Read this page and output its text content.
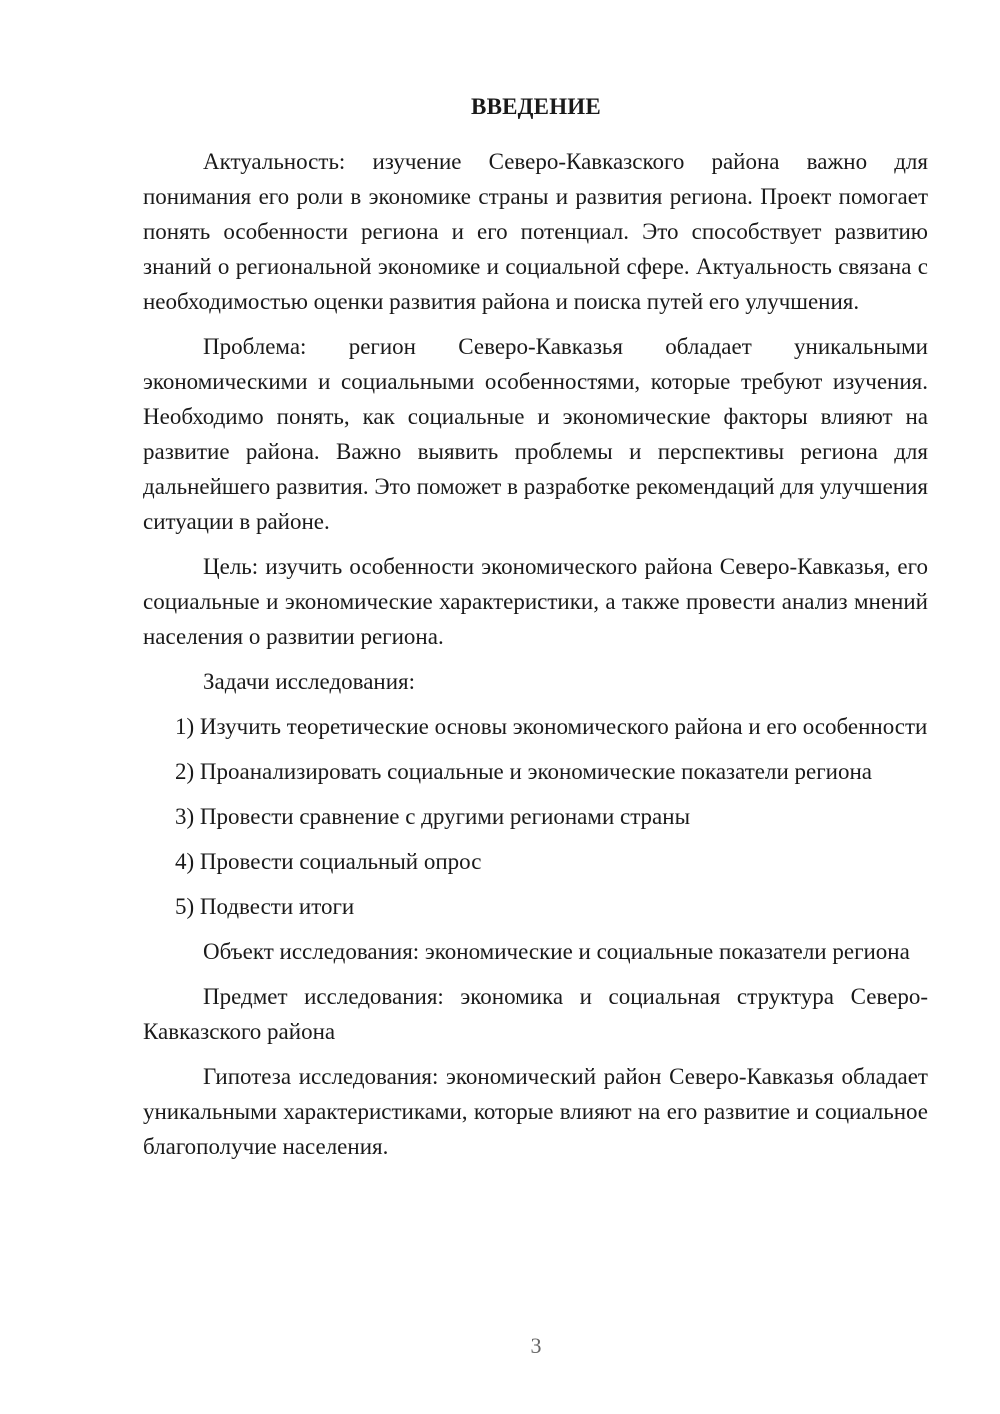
ВВЕДЕНИЕ

Актуальность: изучение Северо-Кавказского района важно для понимания его роли в экономике страны и развития региона. Проект помогает понять особенности региона и его потенциал. Это способствует развитию знаний о региональной экономике и социальной сфере. Актуальность связана с необходимостью оценки развития района и поиска путей его улучшения.

Проблема: регион Северо-Кавказья обладает уникальными экономическими и социальными особенностями, которые требуют изучения. Необходимо понять, как социальные и экономические факторы влияют на развитие района. Важно выявить проблемы и перспективы региона для дальнейшего развития. Это поможет в разработке рекомендаций для улучшения ситуации в районе.

Цель: изучить особенности экономического района Северо-Кавказья, его социальные и экономические характеристики, а также провести анализ мнений населения о развитии региона.

Задачи исследования:

1) Изучить теоретические основы экономического района и его особенности

2) Проанализировать социальные и экономические показатели региона

3) Провести сравнение с другими регионами страны

4) Провести социальный опрос

5) Подвести итоги

Объект исследования: экономические и социальные показатели региона

Предмет исследования: экономика и социальная структура Северо-Кавказского района

Гипотеза исследования: экономический район Северо-Кавказья обладает уникальными характеристиками, которые влияют на его развитие и социальное благополучие населения.

3
